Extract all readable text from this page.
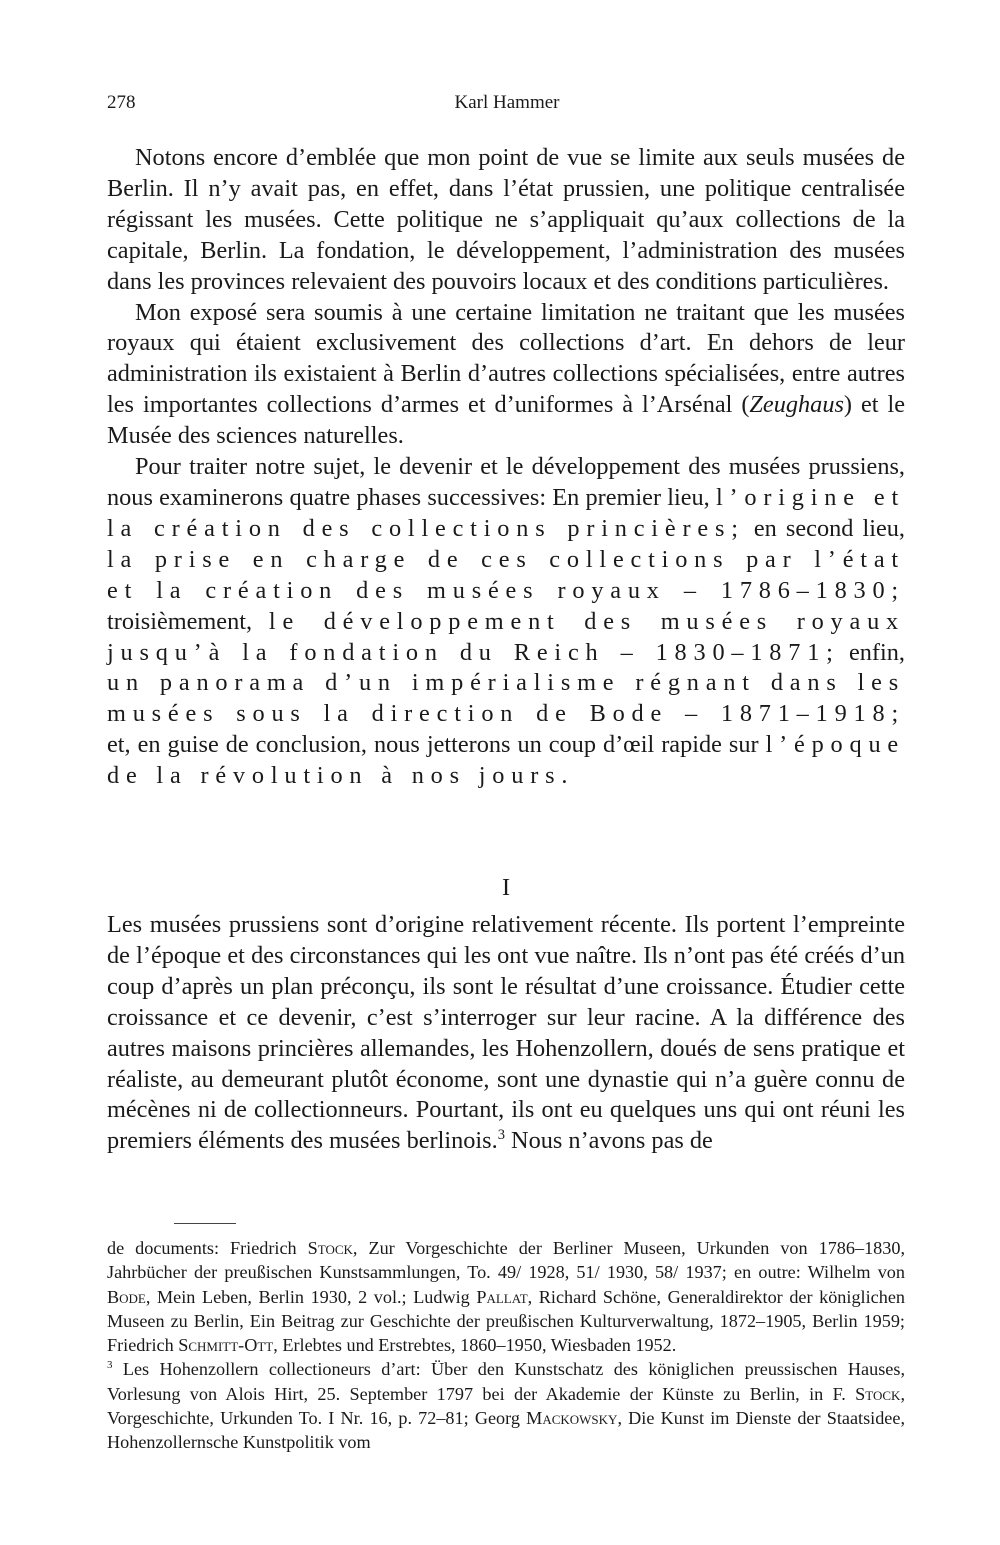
278	Karl Hammer

Notons encore d’emblée que mon point de vue se limite aux seuls musées de Berlin. Il n’y avait pas, en effet, dans l’état prussien, une politique centralisée régissant les musées. Cette politique ne s’appliquait qu’aux collections de la capitale, Berlin. La fondation, le développement, l’administration des musées dans les provinces relevaient des pouvoirs locaux et des conditions particulières.

Mon exposé sera soumis à une certaine limitation ne traitant que les musées royaux qui étaient exclusivement des collections d’art. En dehors de leur administration ils existaient à Berlin d’autres collections spécialisées, entre autres les importantes collections d’armes et d’uniformes à l’Arsénal (Zeughaus) et le Musée des sciences naturelles.

Pour traiter notre sujet, le devenir et le développement des musées prussiens, nous examinerons quatre phases successives: En premier lieu, l’origine et la création des collections princières; en second lieu, la prise en charge de ces collections par l’état et la création des musées royaux – 1786–1830; troisièmement, le développement des musées royaux jusqu’à la fondation du Reich – 1830–1871; enfin, un panorama d’un impérialisme régnant dans les musées sous la direction de Bode – 1871–1918; et, en guise de conclusion, nous jetterons un coup d’œil rapide sur l’époque de la révolution à nos jours.

I

Les musées prussiens sont d’origine relativement récente. Ils portent l’empreinte de l’époque et des circonstances qui les ont vue naître. Ils n’ont pas été créés d’un coup d’après un plan préconçu, ils sont le résultat d’une croissance. Étudier cette croissance et ce devenir, c’est s’interroger sur leur racine. A la différence des autres maisons princières allemandes, les Hohenzollern, doués de sens pratique et réaliste, au demeurant plutôt économe, sont une dynastie qui n’a guère connu de mécènes ni de collectionneurs. Pourtant, ils ont eu quelques uns qui ont réuni les premiers éléments des musées berlinois.$^3$ Nous n’avons pas de

de documents: Friedrich Stock, Zur Vorgeschichte der Berliner Museen, Urkunden von 1786–1830, Jahrbücher der preußischen Kunstsammlungen, To. 49/ 1928, 51/ 1930, 58/ 1937; en outre: Wilhelm von Bode, Mein Leben, Berlin 1930, 2 vol.; Ludwig Pallat, Richard Schöne, Generaldirektor der königlichen Museen zu Berlin, Ein Beitrag zur Geschichte der preußischen Kulturverwaltung, 1872–1905, Berlin 1959; Friedrich Schmitt-Ott, Erlebtes und Erstrebtes, 1860–1950, Wiesbaden 1952.

$^3$ Les Hohenzollern collectioneurs d’art: Über den Kunstschatz des königlichen preussischen Hauses, Vorlesung von Alois Hirt, 25. September 1797 bei der Akademie der Künste zu Berlin, in F. Stock, Vorgeschichte, Urkunden To. I Nr. 16, p. 72–81; Georg Mackowsky, Die Kunst im Dienste der Staatsidee, Hohenzollernsche Kunstpolitik vom
